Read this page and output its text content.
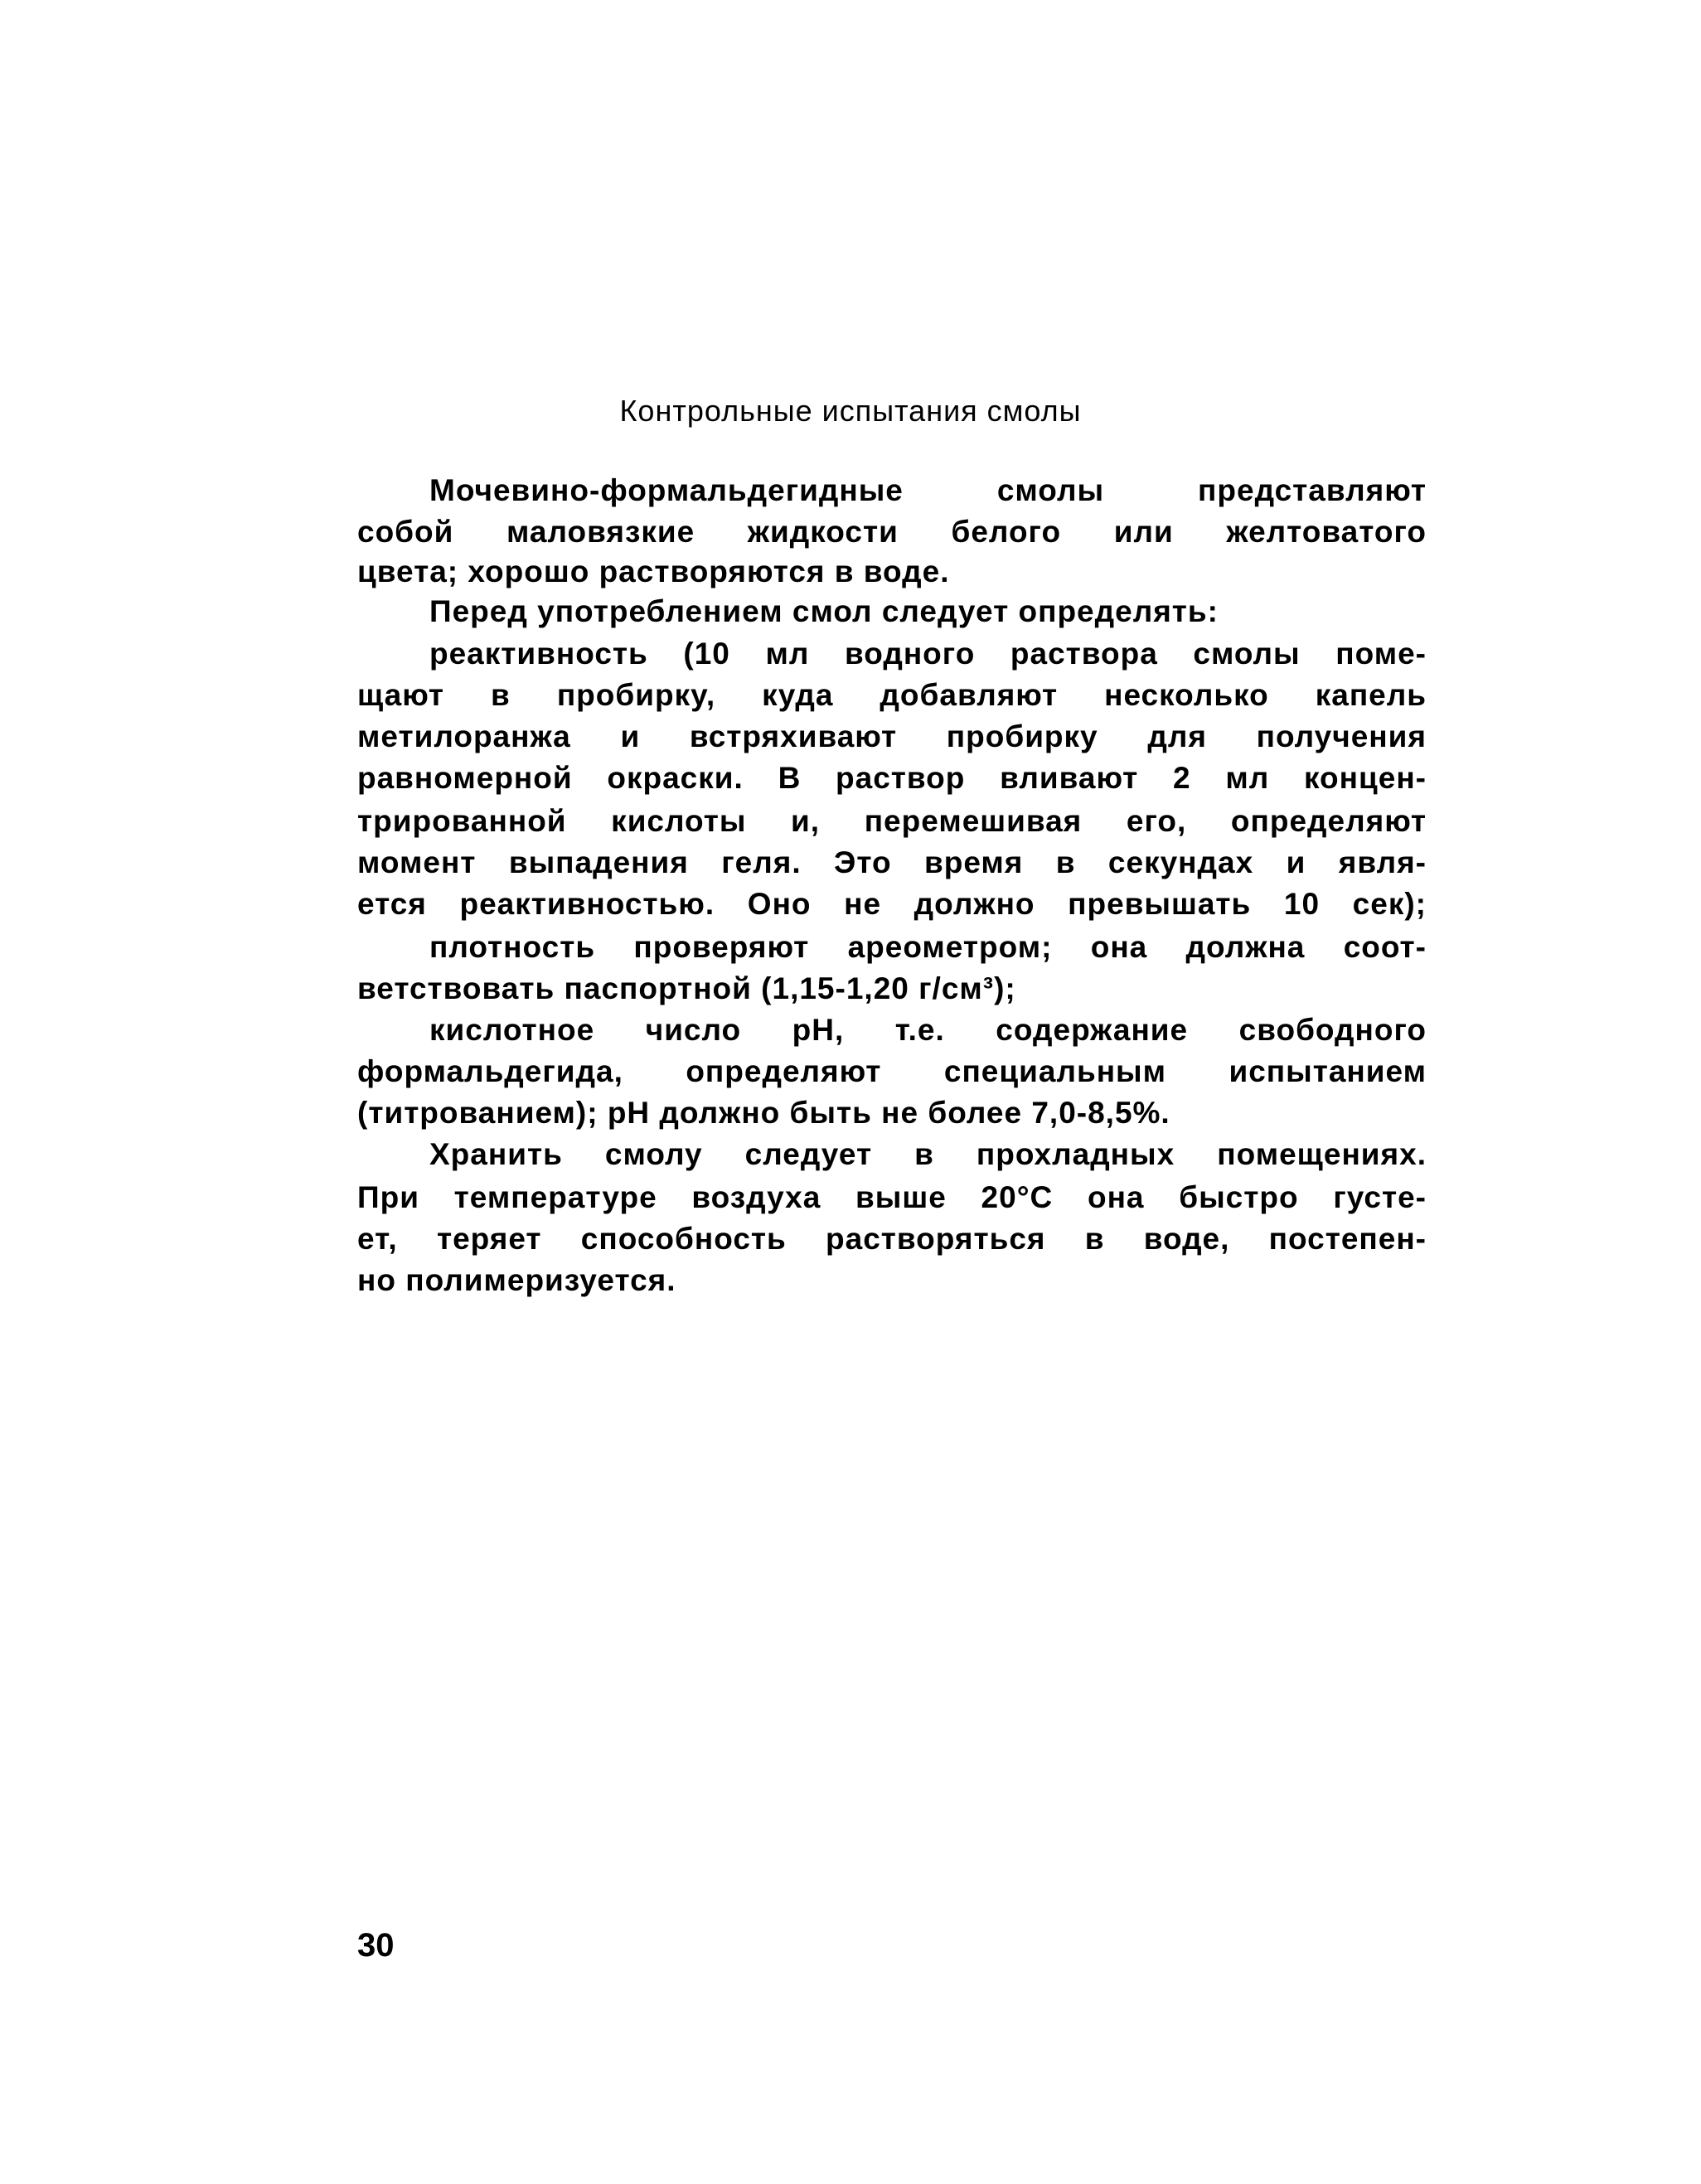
Контрольные испытания смолы
Мочевино-формальдегидные смолы представляют
собой маловязкие жидкости белого или желтоватого
цвета; хорошо растворяются в воде.
Перед употреблением смол следует определять:
реактивность (10 мл водного раствора смолы поме-
щают в пробирку, куда добавляют несколько капель
метилоранжа и встряхивают пробирку для получения
равномерной окраски. В раствор вливают 2 мл концен-
трированной кислоты и, перемешивая его, определяют
момент выпадения геля. Это время в секундах и явля-
ется реактивностью. Оно не должно превышать 10 сек);
плотность проверяют ареометром; она должна соот-
ветствовать паспортной (1,15-1,20 г/см³);
кислотное число pH, т.е. содержание свободного
формальдегида, определяют специальным испытанием
(титрованием); pH должно быть не более 7,0-8,5%.
Хранить смолу следует в прохладных помещениях.
При температуре воздуха выше 20°С она быстро густе-
ет, теряет способность растворяться в воде, постепен-
но полимеризуется.
30
